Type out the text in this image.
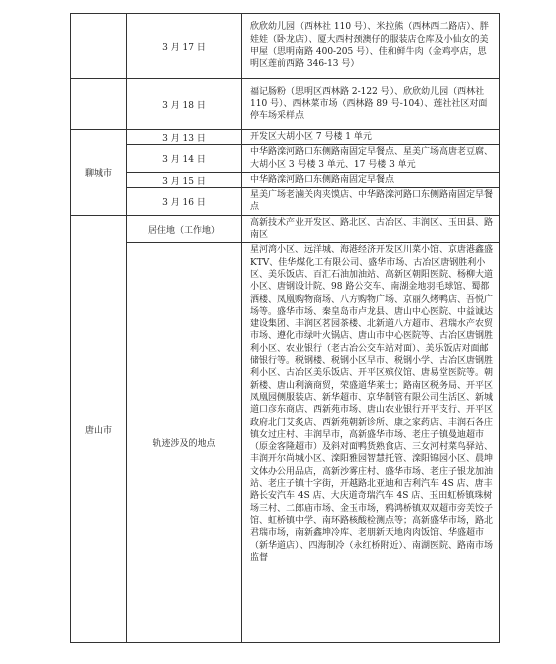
	3 月 17 日	欣欣幼儿园（西林社 110 号）、米拉熊（西林西二路店）、胖娃娃（卧龙店）、厦大西村颈澳仔的服装店仓库及小仙女的美甲屋（思明南路 400-205 号）、佳和鲜牛肉（金鸡亭店，思明区莲前西路 346-13 号）
	3 月 18 日	福记肠粉（思明区西林路 2-122 号）、欣欣幼儿园（西林社 110 号）、西林菜市场（西林路 89 号-104）、莲社社区对面停车场采样点
聊城市	3 月 13 日	开发区大胡小区 7 号楼 1 单元
	3 月 14 日	中华路滦河路口东侧路南固定早餐点、星美广场高唐老豆腐、大胡小区 3 号楼 3 单元、17 号楼 3 单元
	3 月 15 日	中华路滦河路口东侧路南固定早餐点
	3 月 16 日	星美广场老滷关肉夹馍店、中华路滦河路口东侧路南固定早餐点
唐山市	居住地（工作地）	高新技术产业开发区、路北区、古冶区、丰润区、玉田县、路南区
	轨迹涉及的地点	星河湾小区、远洋城、海港经济开发区川菜小馆、京唐港鑫盛 KTV、佳华煤化工有限公司、盛华市场、古冶区唐钢胜利小区、美乐饭店、百汇石油加油站、高新区朝阳医院、杨柳大道小区、唐钢设计院、98 路公交车、南湖金地羽毛球馆、蜀都洒楼、凤凰购物商场、八方购物广场、京丽久烤鸭店、吾悦广场等。盛华市场、秦皇岛市卢龙县、唐山中心医院、中益诚达建设集团、丰润区茗园茶楼、北新道八方超市、君瑞水产农贸市场、遵化市绿叶火锅店、唐山市中心医院等、古冶区唐钢胜利小区、农业银行（老古冶公交车站对面）、美乐饭店对面邮储银行等。税钢楼、税钢小区早市、税钢小学、古冶区唐钢胜利小区、古冶区美乐饭店、开平区殡仪馆、唐易堂医院等。朝新楼、唐山利滴商贸，荣盛道华莱士；路南区税务局、开平区凤凰园侧服装店、新华超市、京华制管有限公司生活区、新城道口彦东商店、西新苑市场、唐山农业银行开平支行、开平区政府北门艾炙店、西新苑朝新诊所、康之家药店、丰润石各庄镇女过庄村、丰润早市，高新盛华市场、老庄子镇曼迪超市（原金客隆超市）及斜对面鸭货熟食店、三女河村菜鸟驿站、丰润开尔尚城小区、滦阳雅园智慧托管、滦阳锦园小区、晨坤文体办公用品店，高新沙雾庄村、盛华市场、老庄子银龙加油站、老庄子镇十字街，开越路北亚迪和吉利汽车 4S 店、唐丰路长安汽车 4S 店、大庆道奇瑞汽车 4S 店、玉田虹桥镇珠树场三村、二郎庙市场、金玉市场，鸦鸿桥镇双双超市旁芙饺子馆、虹桥镇中学、南环路核酸检测点等；高新盛华市场，路北君瑞市场，南新鑫坤冷库、老朋新天地肉肉饭馆、华盛超市（新华道店）、四海制冷（永红桥附近）、南湖医院、路南市场监督
